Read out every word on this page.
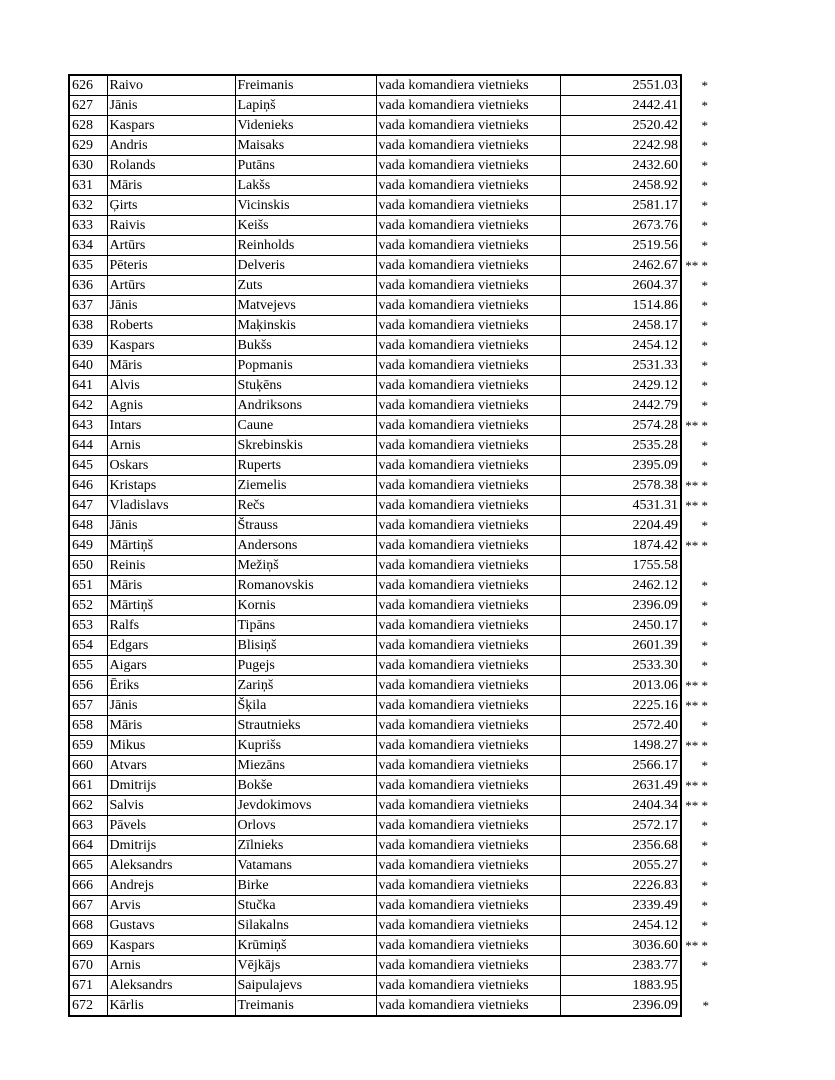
626	Raivo	Freimanis	vada komandiera vietnieks	2551.03	*
627	Jānis	Lapiņš	vada komandiera vietnieks	2442.41	*
628	Kaspars	Videnieks	vada komandiera vietnieks	2520.42	*
629	Andris	Maisaks	vada komandiera vietnieks	2242.98	*
630	Rolands	Putāns	vada komandiera vietnieks	2432.60	*
631	Māris	Lakšs	vada komandiera vietnieks	2458.92	*
632	Ģirts	Vicinskis	vada komandiera vietnieks	2581.17	*
633	Raivis	Keišs	vada komandiera vietnieks	2673.76	*
634	Artūrs	Reinholds	vada komandiera vietnieks	2519.56	*
635	Pēteris	Delveris	vada komandiera vietnieks	2462.67	** *
636	Artūrs	Zuts	vada komandiera vietnieks	2604.37	*
637	Jānis	Matvejevs	vada komandiera vietnieks	1514.86	*
638	Roberts	Maķinskis	vada komandiera vietnieks	2458.17	*
639	Kaspars	Bukšs	vada komandiera vietnieks	2454.12	*
640	Māris	Popmanis	vada komandiera vietnieks	2531.33	*
641	Alvis	Stuķēns	vada komandiera vietnieks	2429.12	*
642	Agnis	Andriksons	vada komandiera vietnieks	2442.79	*
643	Intars	Caune	vada komandiera vietnieks	2574.28	** *
644	Arnis	Skrebinskis	vada komandiera vietnieks	2535.28	*
645	Oskars	Ruperts	vada komandiera vietnieks	2395.09	*
646	Kristaps	Ziemelis	vada komandiera vietnieks	2578.38	** *
647	Vladislavs	Rečs	vada komandiera vietnieks	4531.31	** *
648	Jānis	Štrauss	vada komandiera vietnieks	2204.49	*
649	Mārtiņš	Andersons	vada komandiera vietnieks	1874.42	** *
650	Reinis	Mežiņš	vada komandiera vietnieks	1755.58	
651	Māris	Romanovskis	vada komandiera vietnieks	2462.12	*
652	Mārtiņš	Kornis	vada komandiera vietnieks	2396.09	*
653	Ralfs	Tipāns	vada komandiera vietnieks	2450.17	*
654	Edgars	Blisiņš	vada komandiera vietnieks	2601.39	*
655	Aigars	Pugejs	vada komandiera vietnieks	2533.30	*
656	Ēriks	Zariņš	vada komandiera vietnieks	2013.06	** *
657	Jānis	Šķila	vada komandiera vietnieks	2225.16	** *
658	Māris	Strautnieks	vada komandiera vietnieks	2572.40	*
659	Mikus	Kuprišs	vada komandiera vietnieks	1498.27	** *
660	Atvars	Miezāns	vada komandiera vietnieks	2566.17	*
661	Dmitrijs	Bokše	vada komandiera vietnieks	2631.49	** *
662	Salvis	Jevdokimovs	vada komandiera vietnieks	2404.34	** *
663	Pāvels	Orlovs	vada komandiera vietnieks	2572.17	*
664	Dmitrijs	Zīlnieks	vada komandiera vietnieks	2356.68	*
665	Aleksandrs	Vatamans	vada komandiera vietnieks	2055.27	*
666	Andrejs	Birke	vada komandiera vietnieks	2226.83	*
667	Arvis	Stučka	vada komandiera vietnieks	2339.49	*
668	Gustavs	Silakalns	vada komandiera vietnieks	2454.12	*
669	Kaspars	Krūmiņš	vada komandiera vietnieks	3036.60	** *
670	Arnis	Vējkājs	vada komandiera vietnieks	2383.77	*
671	Aleksandrs	Saipulajevs	vada komandiera vietnieks	1883.95	
672	Kārlis	Treimanis	vada komandiera vietnieks	2396.09	*
